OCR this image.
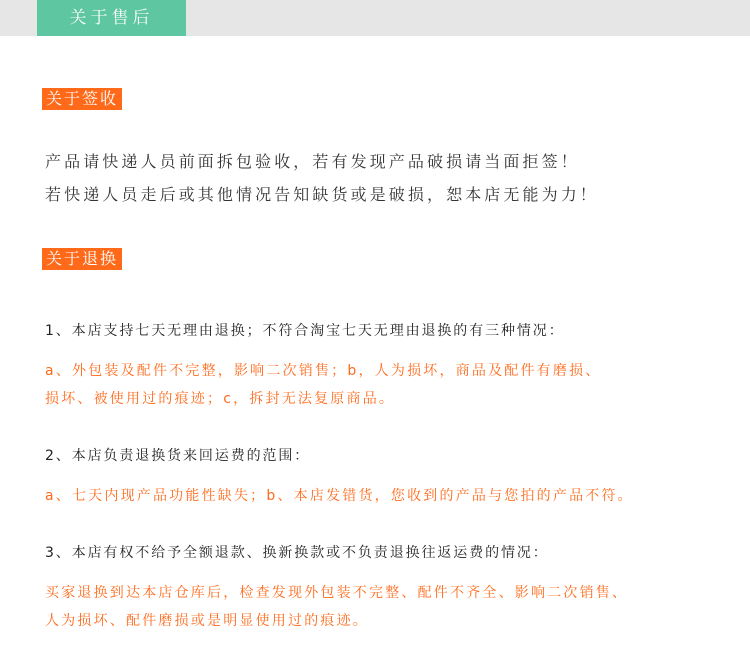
关于售后
关于签收
产品请快递人员前面拆包验收，若有发现产品破损请当面拒签！
若快递人员走后或其他情况告知缺货或是破损，恕本店无能为力！
关于退换
1、本店支持七天无理由退换；不符合淘宝七天无理由退换的有三种情况：
a、外包装及配件不完整，影响二次销售；b，人为损坏，商品及配件有磨损、
损坏、被使用过的痕迹；c，拆封无法复原商品。
2、本店负责退换货来回运费的范围：
a、七天内现产品功能性缺失；b、本店发错货，您收到的产品与您拍的产品不符。
3、本店有权不给予全额退款、换新换款或不负责退换往返运费的情况：
买家退换到达本店仓库后，检查发现外包装不完整、配件不齐全、影响二次销售、
人为损坏、配件磨损或是明显使用过的痕迹。
